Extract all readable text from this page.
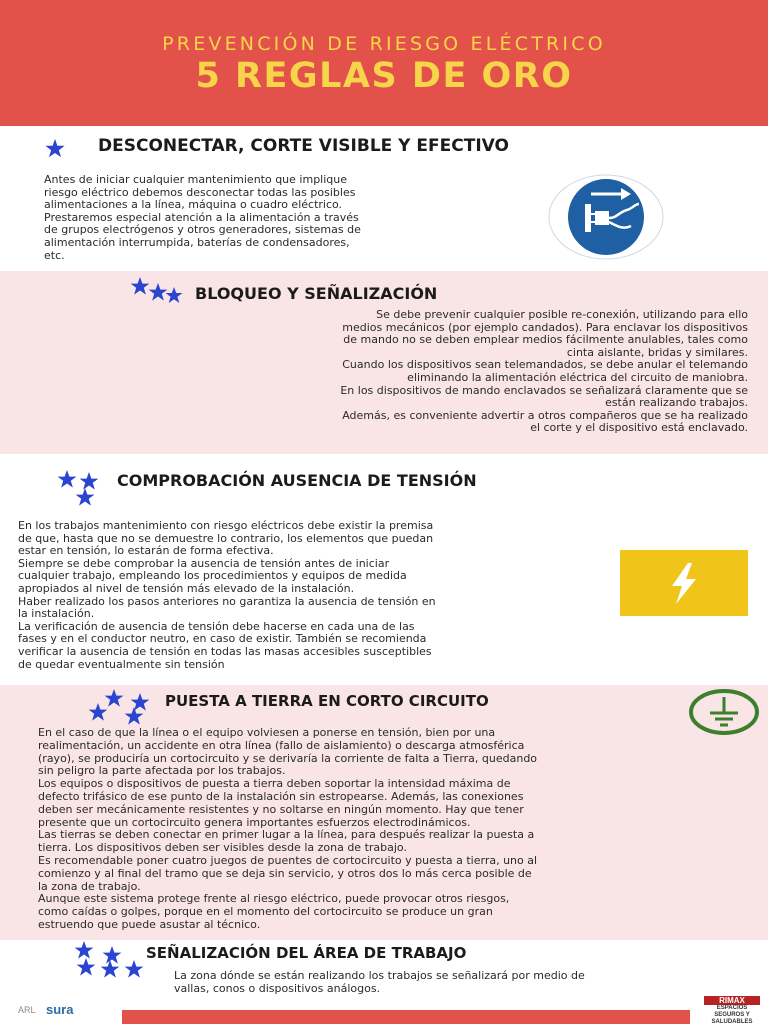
PREVENCIÓN DE RIESGO ELÉCTRICO
5 REGLAS DE ORO
DESCONECTAR, CORTE VISIBLE Y EFECTIVO
Antes de iniciar cualquier mantenimiento que implique
riesgo eléctrico debemos desconectar todas las posibles
alimentaciones a la línea, máquina o cuadro eléctrico.
Prestaremos especial atención a la alimentación a través
de grupos electrógenos y otros generadores, sistemas de
alimentación interrumpida, baterías de condensadores,
etc.
BLOQUEO Y SEÑALIZACIÓN
Se debe prevenir cualquier posible re-conexión, utilizando para ello
medios mecánicos (por ejemplo candados). Para enclavar los dispositivos
de mando no se deben emplear medios fácilmente anulables, tales como
cinta aislante, bridas y similares.
Cuando los dispositivos sean telemandados, se debe anular el telemando
eliminando la alimentación eléctrica del circuito de maniobra.
En los dispositivos de mando enclavados se señalizará claramente que se
están realizando trabajos.
Además, es conveniente advertir a otros compañeros que se ha realizado
el corte y el dispositivo está enclavado.
COMPROBACIÓN AUSENCIA DE TENSIÓN
En los trabajos mantenimiento con riesgo eléctricos debe existir la premisa
de que, hasta que no se demuestre lo contrario, los elementos que puedan
estar en tensión, lo estarán de forma efectiva.
Siempre se debe comprobar la ausencia de tensión antes de iniciar
cualquier trabajo, empleando los procedimientos y equipos de medida
apropiados al nivel de tensión más elevado de la instalación.
Haber realizado los pasos anteriores no garantiza la ausencia de tensión en
la instalación.
La verificación de ausencia de tensión debe hacerse en cada una de las
fases y en el conductor neutro, en caso de existir. También se recomienda
verificar la ausencia de tensión en todas las masas accesibles susceptibles
de quedar eventualmente sin tensión
PUESTA A TIERRA EN CORTO CIRCUITO
En el caso de que la línea o el equipo volviesen a ponerse en tensión, bien por una
realimentación, un accidente en otra línea (fallo de aislamiento) o descarga atmosférica
(rayo), se produciría un cortocircuito y se derivaría la corriente de falta a Tierra, quedando
sin peligro la parte afectada por los trabajos.
Los equipos o dispositivos de puesta a tierra deben soportar la intensidad máxima de
defecto trifásico de ese punto de la instalación sin estropearse. Además, las conexiones
deben ser mecánicamente resistentes y no soltarse en ningún momento. Hay que tener
presente que un cortocircuito genera importantes esfuerzos electrodinámicos.
Las tierras se deben conectar en primer lugar a la línea, para después realizar la puesta a
tierra. Los dispositivos deben ser visibles desde la zona de trabajo.
Es recomendable poner cuatro juegos de puentes de cortocircuito y puesta a tierra, uno al
comienzo y al final del tramo que se deja sin servicio, y otros dos lo más cerca posible de
la zona de trabajo.
Aunque este sistema protege frente al riesgo eléctrico, puede provocar otros riesgos,
como caídas o golpes, porque en el momento del cortocircuito se produce un gran
estruendo que puede asustar al técnico.
SEÑALIZACIÓN DEL ÁREA DE TRABAJO
La zona dónde se están realizando los trabajos se señalizará por medio de
vallas, conos o dispositivos análogos.
ARL sura
RIMAX
ESPACIOS SEGUROS Y SALUDABLES
